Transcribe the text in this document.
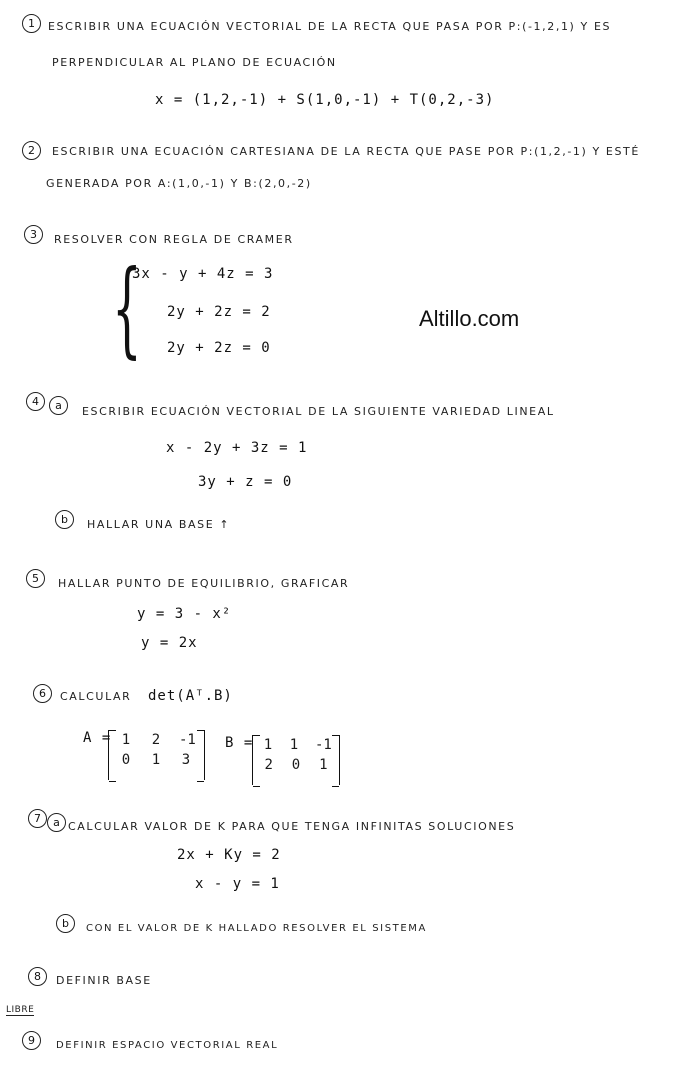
1	ESCRIBIR UNA ECUACIÓN VECTORIAL DE LA RECTA QUE PASA POR P:(-1,2,1) Y ES
PERPENDICULAR AL PLANO DE ECUACIÓN
x = (1,2,-1) + S(1,0,-1) + T(0,2,-3)
2	ESCRIBIR UNA ECUACIÓN CARTESIANA DE LA RECTA QUE PASE POR P:(1,2,-1) Y ESTÉ
GENERADA POR A:(1,0,-1) Y B:(2,0,-2)
3	RESOLVER CON REGLA DE CRAMER
{
3x - y + 4z = 3
2y + 2z = 2
2y + 2z = 0
Altillo.com
4	a	ESCRIBIR ECUACIÓN VECTORIAL DE LA SIGUIENTE VARIEDAD LINEAL
x - 2y + 3z = 1
3y + z = 0
b	HALLAR UNA BASE ↑
5	HALLAR PUNTO DE EQUILIBRIO, GRAFICAR
y = 3 - x²
y = 2x
6	CALCULAR det(Aᵀ.B)
A = 1 2 -1
0 1 3
B = 1 1 -1
2 0 1
7	a CALCULAR VALOR DE K PARA QUE TENGA INFINITAS SOLUCIONES
2x + Ky = 2
x - y = 1
b	CON EL VALOR DE K HALLADO RESOLVER EL SISTEMA
8	DEFINIR BASE
LIBRE
9	DEFINIR ESPACIO VECTORIAL REAL
